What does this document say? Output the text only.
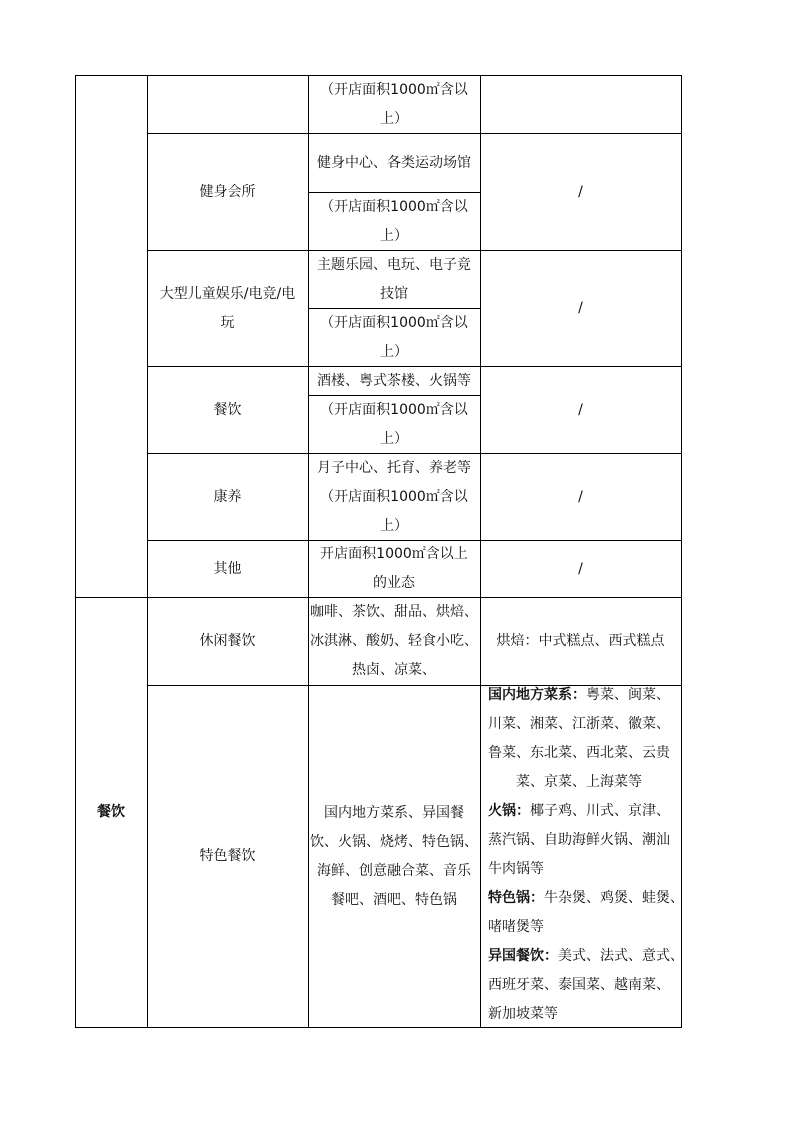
（开店面积1000㎡含以
上）
健身会所
健身中心、各类运动场馆
（开店面积1000㎡含以
上）
/
大型儿童娱乐/电竞/电
玩
主题乐园、电玩、电子竞
技馆
（开店面积1000㎡含以
上）
/
餐饮
酒楼、粤式茶楼、火锅等
（开店面积1000㎡含以
上）
/
康养
月子中心、托育、养老等
（开店面积1000㎡含以
上）
/
其他
开店面积1000㎡含以上
的业态
/
餐饮
休闲餐饮
咖啡、茶饮、甜品、烘焙、
冰淇淋、酸奶、轻食小吃、
热卤、凉菜、
烘焙：中式糕点、西式糕点
特色餐饮
国内地方菜系、异国餐
饮、火锅、烧烤、特色锅、
海鲜、创意融合菜、音乐
餐吧、酒吧、特色锅
国内地方菜系：粤菜、闽菜、
川菜、湘菜、江浙菜、徽菜、
鲁菜、东北菜、西北菜、云贵
菜、京菜、上海菜等
火锅：椰子鸡、川式、京津、
蒸汽锅、自助海鲜火锅、潮汕
牛肉锅等
特色锅：牛杂煲、鸡煲、蛙煲、
啫啫煲等
异国餐饮：美式、法式、意式、
西班牙菜、泰国菜、越南菜、
新加坡菜等
